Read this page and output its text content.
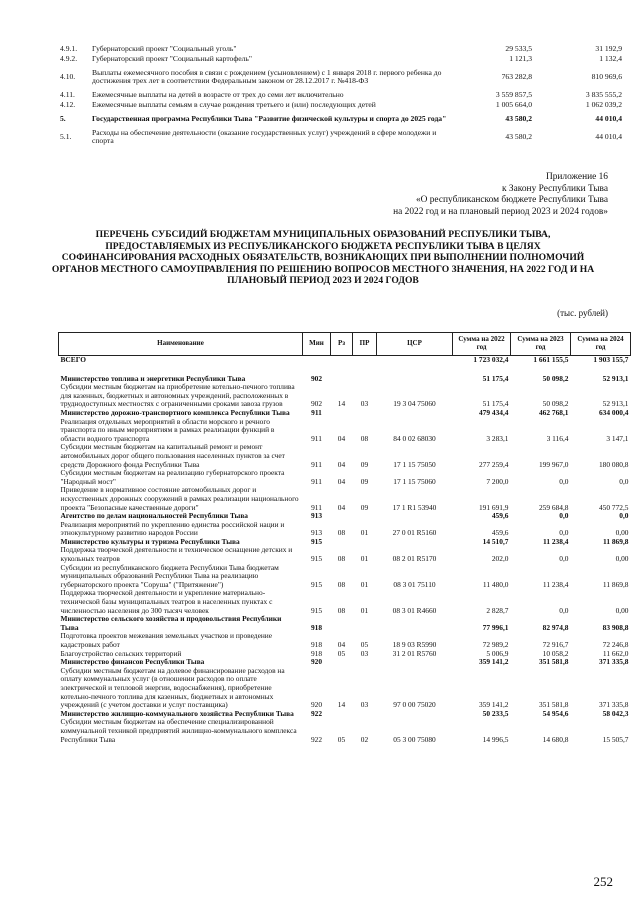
4.9.1.	Губернаторский проект "Социальный уголь"	29 533,5	31 192,9
4.9.2.	Губернаторский проект "Социальный картофель"	1 121,3	1 132,4
4.10.	Выплаты ежемесячного пособия в связи с рождением (усыновлением) с 1 января 2018 г. первого ребенка до достижения трех лет в соответствии Федеральным законом от 28.12.2017 г. №418-ФЗ	763 282,8	810 969,6
4.11.	Ежемесячные выплаты на детей в возрасте от трех до семи лет включительно	3 559 857,5	3 835 555,2
4.12.	Ежемесячные выплаты семьям в случае рождения третьего и (или) последующих детей	1 005 664,0	1 062 039,2
5.	Государственная программа Республики Тыва "Развитие физической культуры и спорта до 2025 года"	43 580,2	44 010,4
5.1.	Расходы на обеспечение деятельности (оказание государственных услуг) учреждений в сфере молодежи и спорта	43 580,2	44 010,4
Приложение 16
к Закону Республики Тыва
«О республиканском бюджете Республики Тыва
на 2022 год и на плановый период 2023 и 2024 годов»
ПЕРЕЧЕНЬ СУБСИДИЙ БЮДЖЕТАМ МУНИЦИПАЛЬНЫХ ОБРАЗОВАНИЙ РЕСПУБЛИКИ ТЫВА, ПРЕДОСТАВЛЯЕМЫХ ИЗ РЕСПУБЛИКАНСКОГО БЮДЖЕТА РЕСПУБЛИКИ ТЫВА В ЦЕЛЯХ СОФИНАНСИРОВАНИЯ РАСХОДНЫХ ОБЯЗАТЕЛЬСТВ, ВОЗНИКАЮЩИХ ПРИ ВЫПОЛНЕНИИ ПОЛНОМОЧИЙ ОРГАНОВ МЕСТНОГО САМОУПРАВЛЕНИЯ ПО РЕШЕНИЮ ВОПРОСОВ МЕСТНОГО ЗНАЧЕНИЯ, НА 2022 ГОД И НА ПЛАНОВЫЙ ПЕРИОД 2023 И 2024 ГОДОВ
(тыс. рублей)
Наименование	Мин	Рз	ПР	ЦСР	Сумма на 2022 год	Сумма на 2023 год	Сумма на 2024 год
ВСЕГО					1 723 032,4	1 661 155,5	1 903 155,7
Министерство топлива и энергетики Республики Тыва	902				51 175,4	50 098,2	52 913,1
Субсидии местным бюджетам на приобретение котельно-печного топлива для казенных, бюджетных и автономных учреждений, расположенных в труднодоступных местностях с ограниченными сроками завоза грузов	902	14	03	19 3 04 75060	51 175,4	50 098,2	52 913,1
Министерство дорожно-транспортного комплекса Республики Тыва	911				479 434,4	462 768,1	634 000,4
Реализация отдельных мероприятий в области морского и речного транспорта по иным мероприятиям в рамках реализации функций в области водного транспорта	911	04	08	84 0 02 68030	3 283,1	3 116,4	3 147,1
Субсидии местным бюджетам на капитальный ремонт и ремонт автомобильных дорог общего пользования населенных пунктов за счет средств Дорожного фонда Республики Тыва	911	04	09	17 1 15 75050	277 259,4	199 967,0	180 080,8
Субсидии местным бюджетам на реализацию губернаторского проекта "Народный мост"	911	04	09	17 1 15 75060	7 200,0	0,0	0,0
Приведение в нормативное состояние автомобильных дорог и искусственных дорожных сооружений в рамках реализации национального проекта "Безопасные качественные дороги"	911	04	09	17 1 R1 53940	191 691,9	259 684,8	450 772,5
Агентство по делам национальностей Республики Тыва	913				459,6	0,0	0,0
Реализация мероприятий по укреплению единства российской нации и этнокультурному развитию народов России	913	08	01	27 0 01 R5160	459,6	0,0	0,00
Министерство культуры и туризма Республики Тыва	915				14 510,7	11 238,4	11 869,8
Поддержка творческой деятельности и техническое оснащение детских и кукольных театров	915	08	01	08 2 01 R5170	202,0	0,0	0,00
Субсидии из республиканского бюджета Республики Тыва бюджетам муниципальных образований Республики Тыва на реализацию губернаторского проекта "Соруша" ("Притяжение")	915	08	01	08 3 01 75110	11 480,0	11 238,4	11 869,8
Поддержка творческой деятельности и укрепление материально-технической базы муниципальных театров в населенных пунктах с численностью населения до 300 тысяч человек	915	08	01	08 3 01 R4660	2 828,7	0,0	0,00
Министерство сельского хозяйства и продовольствия Республики Тыва	918				77 996,1	82 974,8	83 908,8
Подготовка проектов межевания земельных участков и проведение кадастровых работ	918	04	05	18 9 03 R5990	72 989,2	72 916,7	72 246,8
Благоустройство сельских территорий	918	05	03	31 2 01 R5760	5 006,9	10 058,2	11 662,0
Министерство финансов Республики Тыва	920				359 141,2	351 581,8	371 335,8
Субсидии местным бюджетам на долевое финансирование расходов на оплату коммунальных услуг (в отношении расходов по оплате электрической и тепловой энергии, водоснабжения), приобретение котельно-печного топлива для казенных, бюджетных и автономных учреждений (с учетом доставки и услуг поставщика)	920	14	03	97 0 00 75020	359 141,2	351 581,8	371 335,8
Министерство жилищно-коммунального хозяйства Республики Тыва	922				50 233,5	54 954,6	58 042,3
Субсидии местным бюджетам на обеспечение специализированной коммунальной техникой предприятий жилищно-коммунального комплекса Республики Тыва	922	05	02	05 3 00 75080	14 996,5	14 680,8	15 505,7
252
